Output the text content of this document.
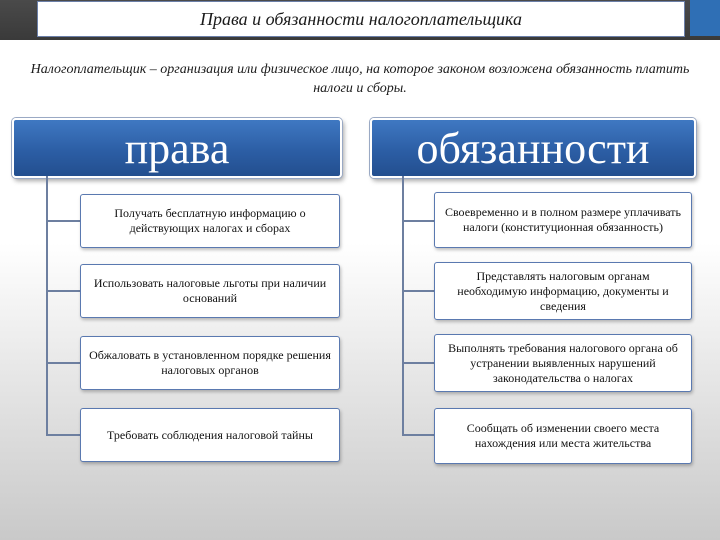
Права и обязанности налогоплательщика
Налогоплательщик – организация или физическое лицо, на которое законом возложена обязанность платить налоги и сборы.
права
Получать бесплатную информацию о действующих налогах и сборах
Использовать налоговые льготы при наличии оснований
Обжаловать в установленном порядке решения налоговых органов
Требовать соблюдения налоговой тайны
обязанности
Своевременно и в полном размере уплачивать налоги (конституционная обязанность)
Представлять налоговым органам необходимую информацию, документы и сведения
Выполнять требования налогового органа об устранении выявленных нарушений законодательства о налогах
Сообщать об изменении своего места нахождения или места жительства
